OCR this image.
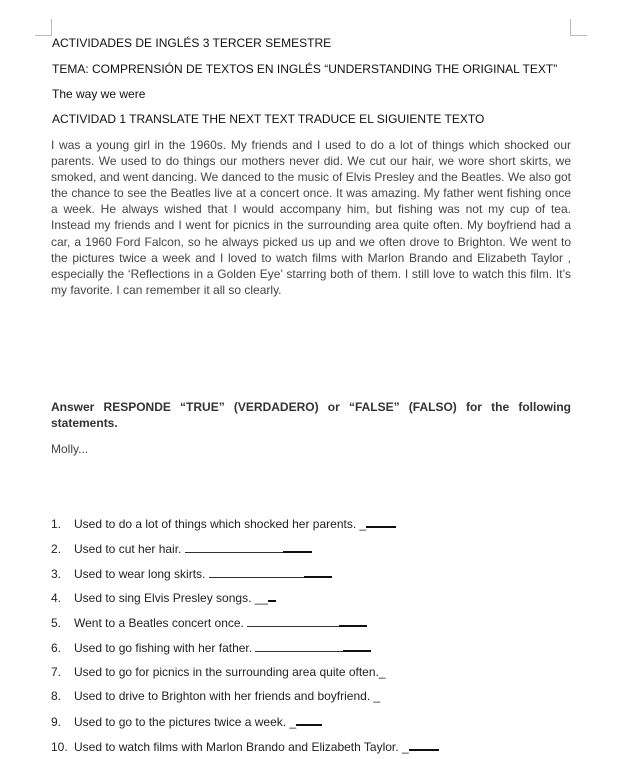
ACTIVIDADES DE INGLÉS 3 TERCER SEMESTRE
TEMA: COMPRENSIÓN DE TEXTOS EN INGLÉS “UNDERSTANDING THE ORIGINAL TEXT”
The way we were
ACTIVIDAD 1 TRANSLATE THE NEXT TEXT TRADUCE EL SIGUIENTE TEXTO

I was a young girl in the 1960s. My friends and I used to do a lot of things which shocked our parents. We used to do things our mothers never did. We cut our hair, we wore short skirts, we smoked, and went dancing. We danced to the music of Elvis Presley and the Beatles. We also got the chance to see the Beatles live at a concert once. It was amazing. My father went fishing once a week. He always wished that I would accompany him, but fishing was not my cup of tea. Instead my friends and I went for picnics in the surrounding area quite often. My boyfriend had a car, a 1960 Ford Falcon, so he always picked us up and we often drove to Brighton. We went to the pictures twice a week and I loved to watch films with Marlon Brando and Elizabeth Taylor , especially the ‘Reflections in a Golden Eye’ starring both of them. I still love to watch this film. It’s my favorite. I can remember it all so clearly.

Answer RESPONDE “TRUE” (VERDADERO) or “FALSE” (FALSO) for the following statements.

Molly...
1. Used to do a lot of things which shocked her parents. _
2. Used to cut her hair.
3. Used to wear long skirts.
4. Used to sing Elvis Presley songs. __
5. Went to a Beatles concert once.
6. Used to go fishing with her father.
7. Used to go for picnics in the surrounding area quite often._
8. Used to drive to Brighton with her friends and boyfriend. _
9. Used to go to the pictures twice a week. _
10. Used to watch films with Marlon Brando and Elizabeth Taylor. _
